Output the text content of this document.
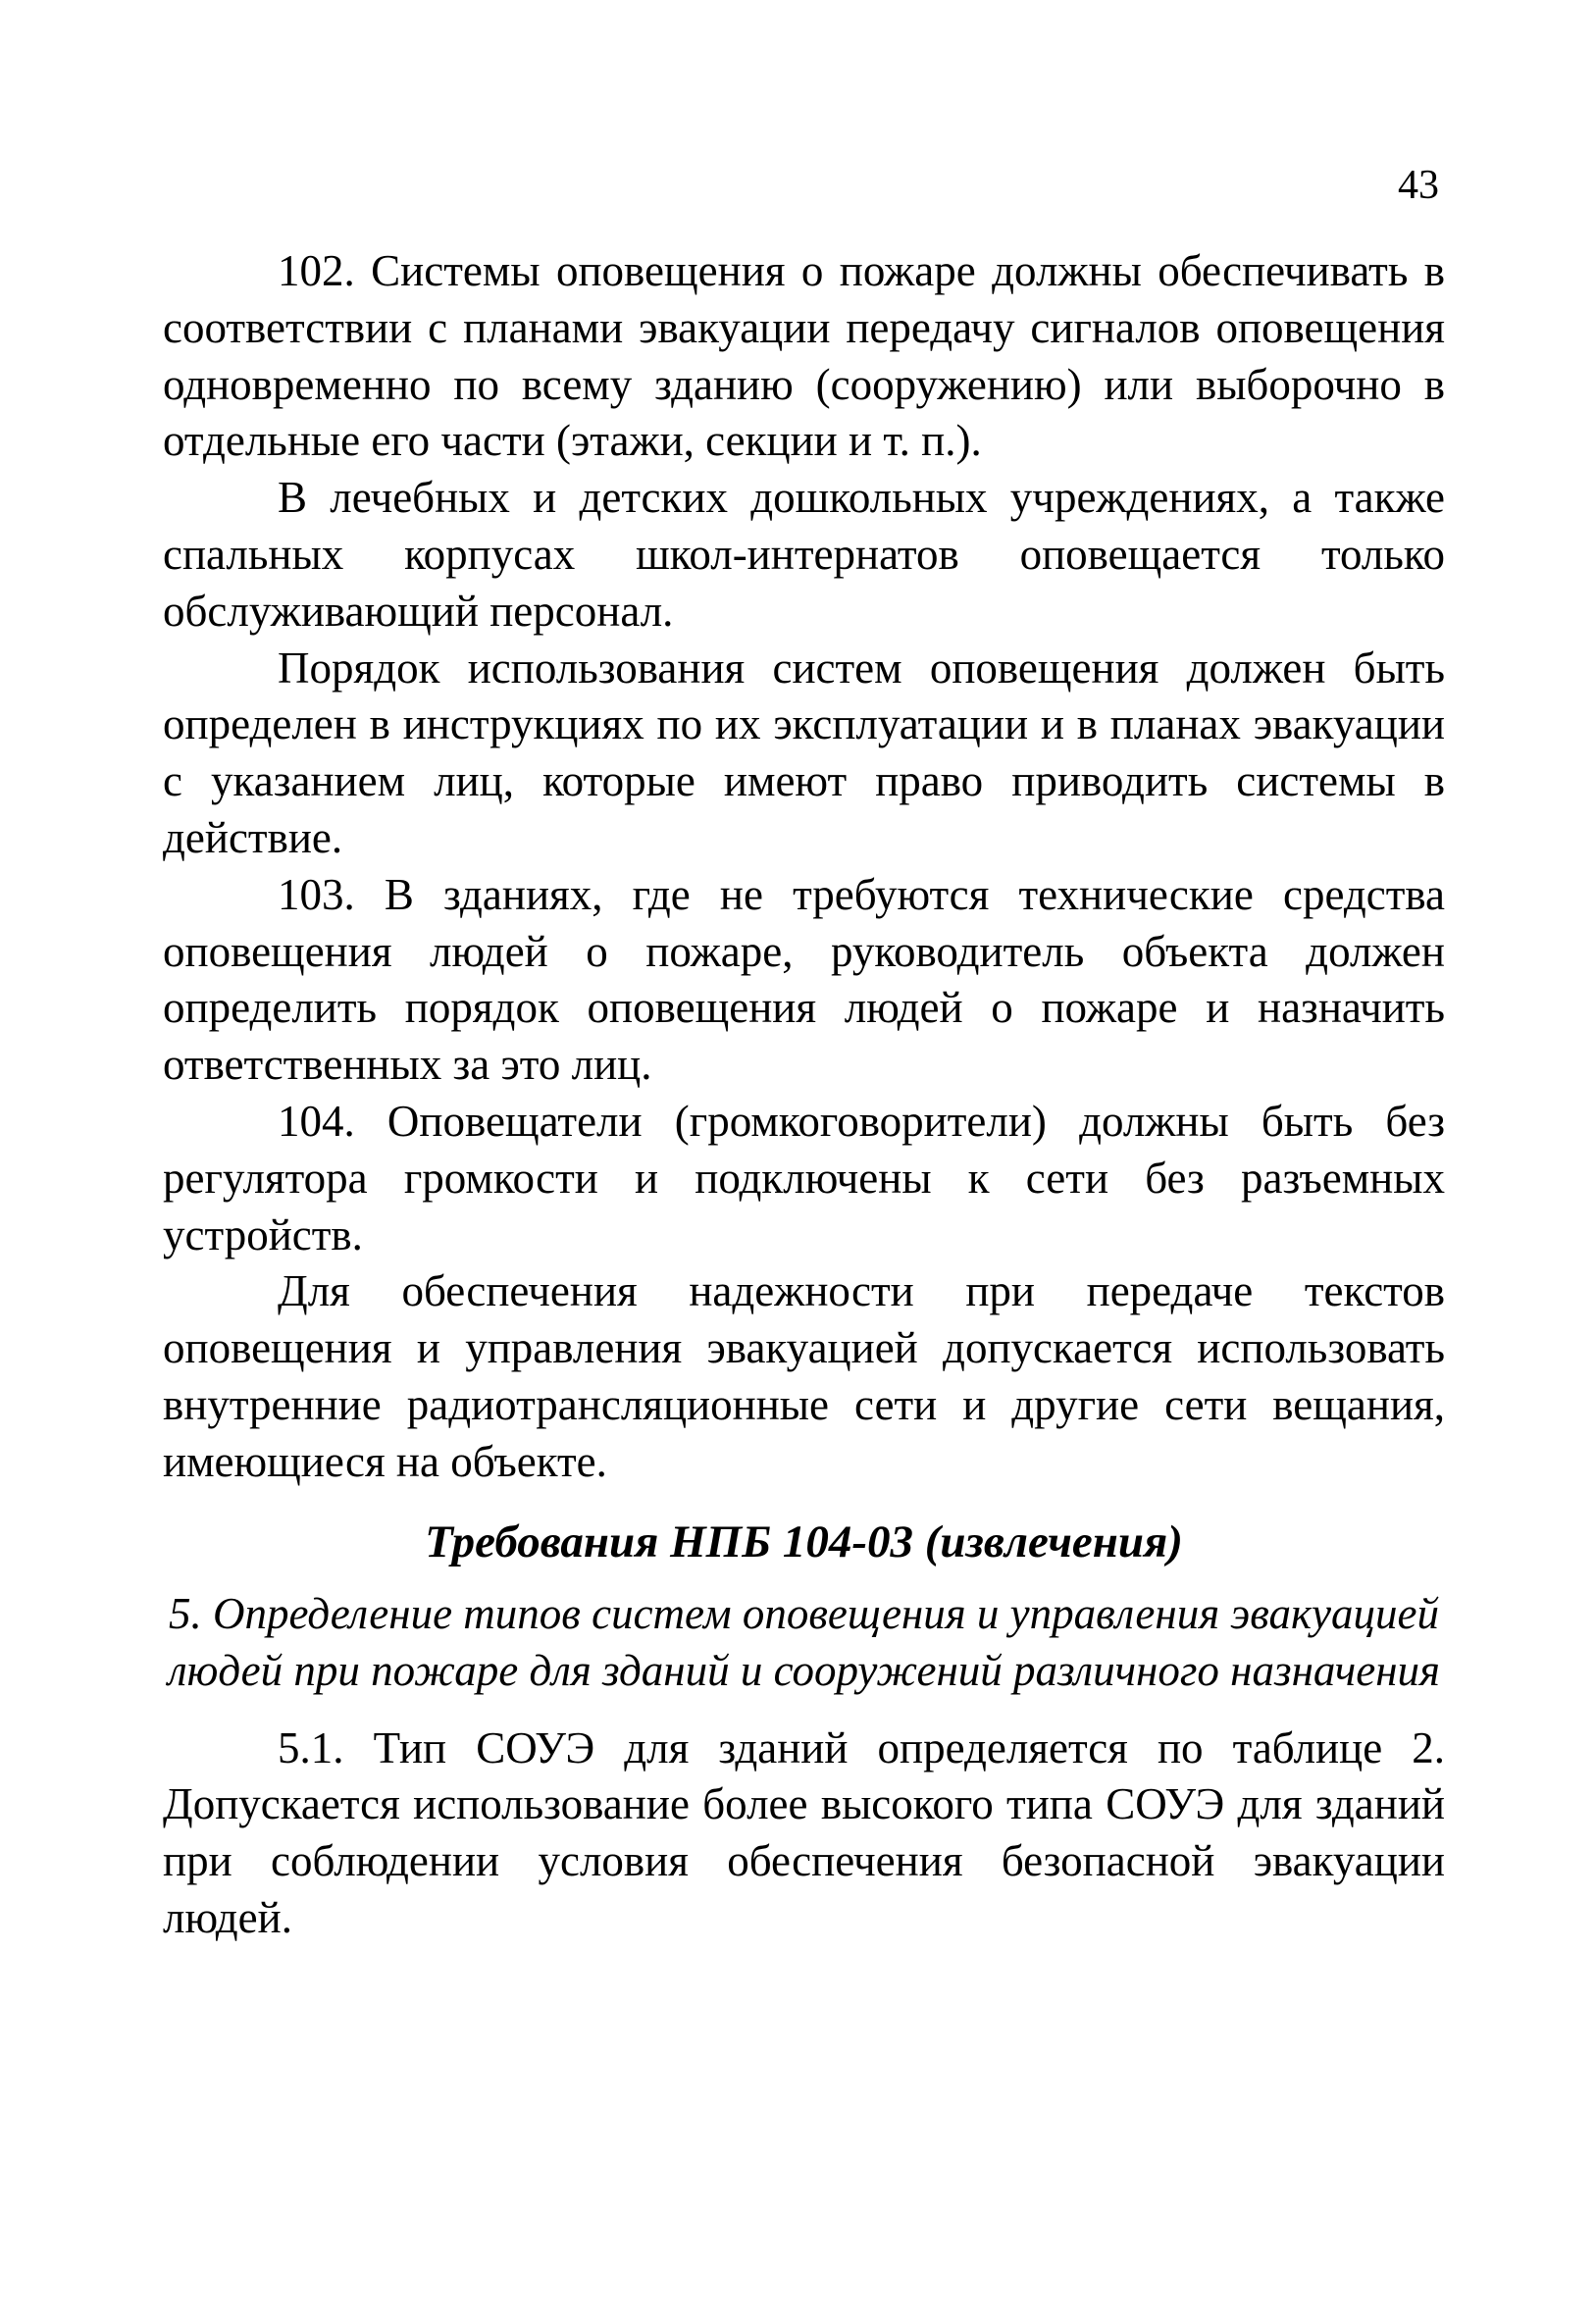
43

102. Системы оповещения о пожаре должны обеспечивать в соответствии с планами эвакуации передачу сигналов оповещения одновременно по всему зданию (сооружению) или выборочно в отдельные его части (этажи, секции и т. п.).

В лечебных и детских дошкольных учреждениях, а также спальных корпусах школ-интернатов оповещается только обслуживающий персонал.

Порядок использования систем оповещения должен быть определен в инструкциях по их эксплуатации и в планах эвакуации с указанием лиц, которые имеют право приводить системы в действие.

103. В зданиях, где не требуются технические средства оповещения людей о пожаре, руководитель объекта должен определить порядок оповещения людей о пожаре и назначить ответственных за это лиц.

104. Оповещатели (громкоговорители) должны быть без регулятора громкости и подключены к сети без разъемных устройств.

Для обеспечения надежности при передаче текстов оповещения и управления эвакуацией допускается использовать внутренние радиотрансляционные сети и другие сети вещания, имеющиеся на объекте.

Требования НПБ 104-03 (извлечения)
5. Определение типов систем оповещения и управления эвакуацией людей при пожаре для зданий и сооружений различного назначения

5.1. Тип СОУЭ для зданий определяется по таблице 2. Допускается использование более высокого типа СОУЭ для зданий при соблюдении условия обеспечения безопасной эвакуации людей.
